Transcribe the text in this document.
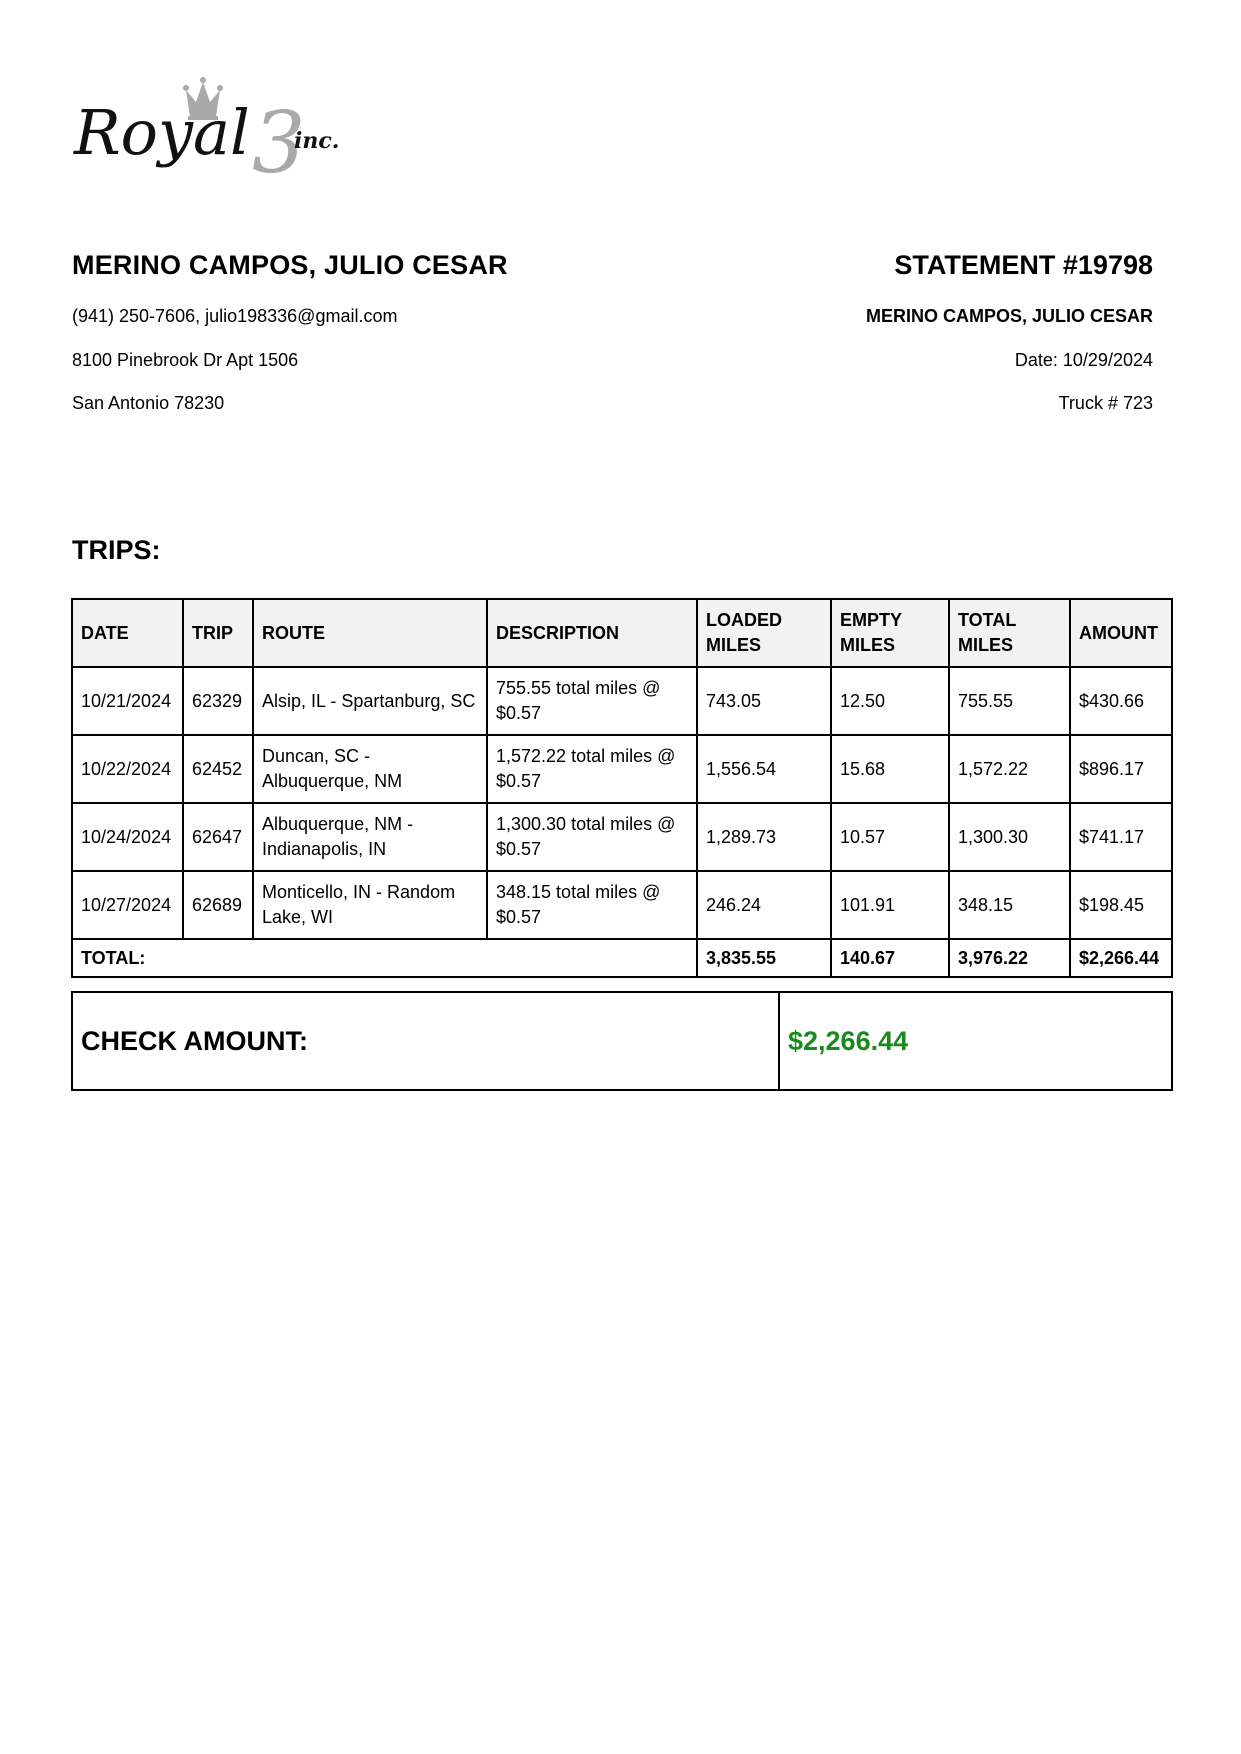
Royal 3
inc.
MERINO CAMPOS, JULIO CESAR
(941) 250-7606, julio198336@gmail.com
8100 Pinebrook Dr Apt 1506
San Antonio 78230
STATEMENT #19798
MERINO CAMPOS, JULIO CESAR
Date: 10/29/2024
Truck # 723
TRIPS:
DATE	TRIP	ROUTE	DESCRIPTION	LOADED MILES	EMPTY MILES	TOTAL MILES	AMOUNT
10/21/2024	62329	Alsip, IL - Spartanburg, SC	755.55 total miles @ $0.57	743.05	12.50	755.55	$430.66
10/22/2024	62452	Duncan, SC - Albuquerque, NM	1,572.22 total miles @ $0.57	1,556.54	15.68	1,572.22	$896.17
10/24/2024	62647	Albuquerque, NM - Indianapolis, IN	1,300.30 total miles @ $0.57	1,289.73	10.57	1,300.30	$741.17
10/27/2024	62689	Monticello, IN - Random Lake, WI	348.15 total miles @ $0.57	246.24	101.91	348.15	$198.45
TOTAL:				3,835.55	140.67	3,976.22	$2,266.44
CHECK AMOUNT:	$2,266.44
